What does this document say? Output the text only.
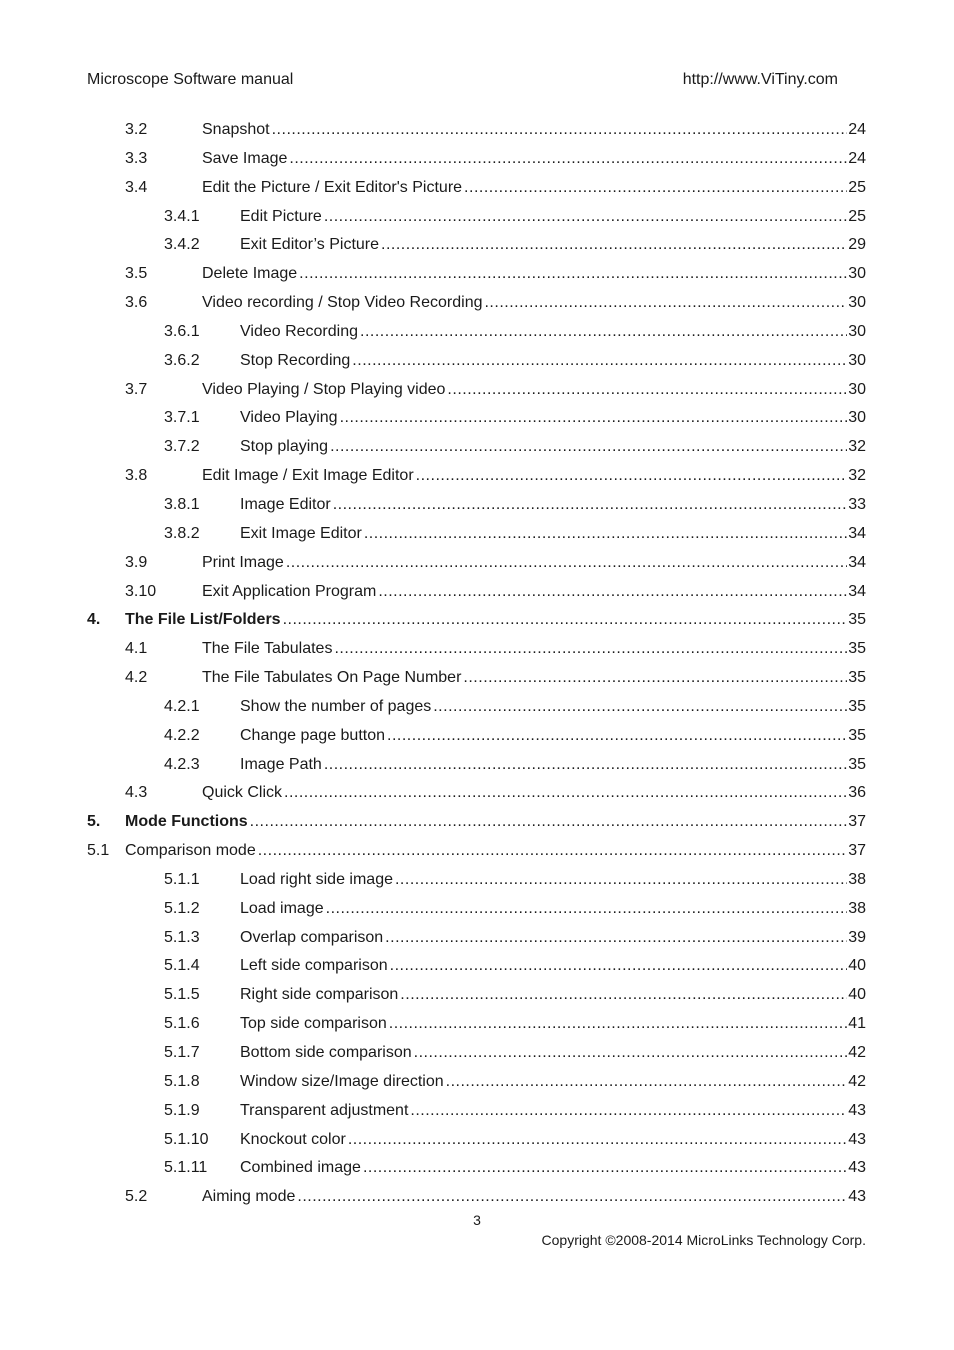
Microscope Software manual	http://www.ViTiny.com
3.2	Snapshot .....	24
3.3	Save Image .....	24
3.4	Edit the Picture / Exit Editor's Picture .....	25
3.4.1	Edit Picture .....	25
3.4.2	Exit Editor’s Picture .....	29
3.5	Delete Image .....	30
3.6	Video recording / Stop Video Recording .....	30
3.6.1	Video Recording .....	30
3.6.2	Stop Recording .....	30
3.7	Video Playing / Stop Playing video .....	30
3.7.1	Video Playing .....	30
3.7.2	Stop playing .....	32
3.8	Edit Image / Exit Image Editor .....	32
3.8.1	Image Editor .....	33
3.8.2	Exit Image Editor .....	34
3.9	Print Image .....	34
3.10	Exit Application Program .....	34
4. The File List/Folders .....	35
4.1	The File Tabulates .....	35
4.2	The File Tabulates On Page Number .....	35
4.2.1	Show the number of pages .....	35
4.2.2	Change page button .....	35
4.2.3	Image Path .....	35
4.3	Quick Click .....	36
5. Mode Functions .....	37
5.1 Comparison mode .....	37
5.1.1	Load right side image .....	38
5.1.2	Load image .....	38
5.1.3	Overlap comparison .....	39
5.1.4	Left side comparison .....	40
5.1.5	Right side comparison .....	40
5.1.6	Top side comparison .....	41
5.1.7	Bottom side comparison .....	42
5.1.8	Window size/Image direction .....	42
5.1.9	Transparent adjustment .....	43
5.1.10 Knockout color .....	43
5.1.11 Combined image .....	43
5.2	Aiming mode .....	43
3
Copyright ©2008-2014 MicroLinks Technology Corp.
